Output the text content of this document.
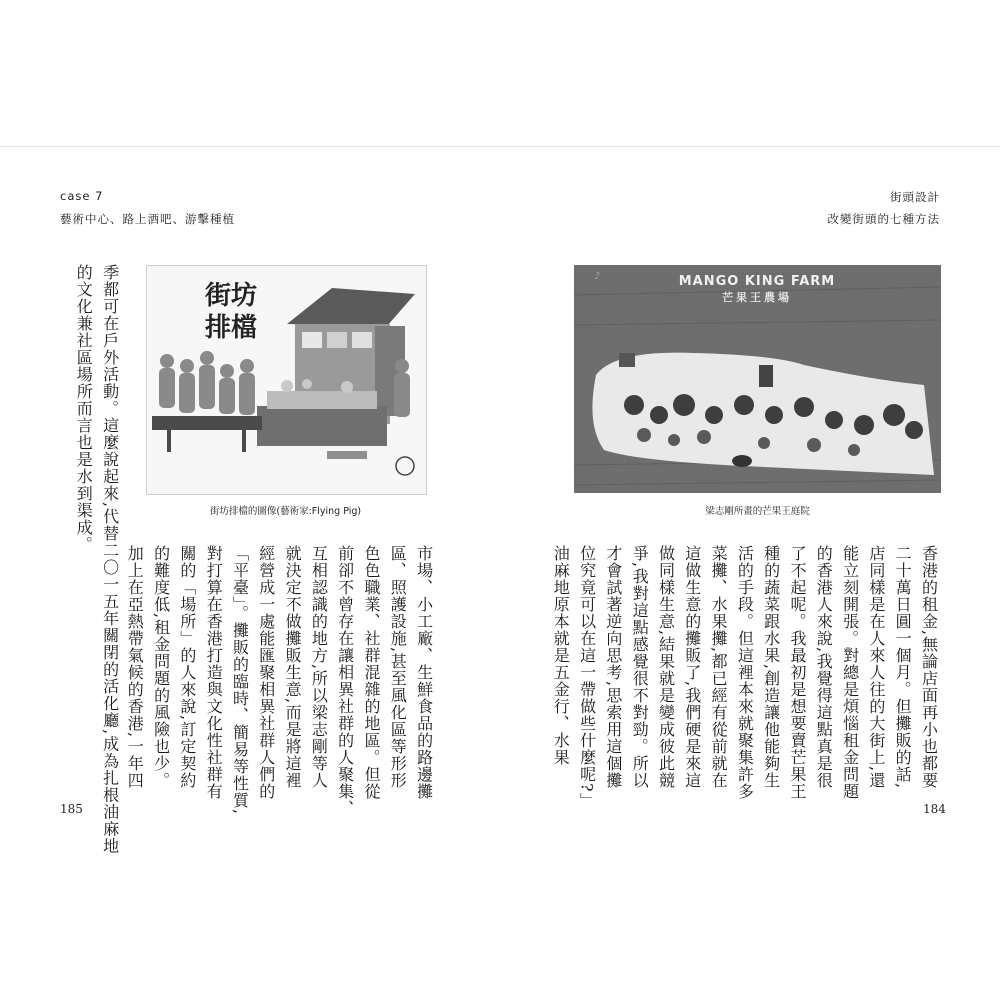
case 7
藝術中心、路上酒吧、游擊種植
季都可在戶外活動。這麼說起來,代替二〇一五年關閉的活化廳,成為扎根油麻地
的文化兼社區場所而言也是水到渠成。	街坊
排檔
街坊排檔的圖像(藝術家:Flying Pig)
市場、小工廠、生鮮食品的路邊攤
區、照護設施,甚至風化區等形形
色色職業、社群混雜的地區。但從
前卻不曾存在讓相異社群的人聚集、
互相認識的地方,所以梁志剛等人
就決定不做攤販生意,而是將這裡
經營成一處能匯聚相異社群人們的
「平臺」。攤販的臨時、簡易等性質,
對打算在香港打造與文化性社群有
關的「場所」的人來說,訂定契約
的難度低,租金問題的風險也少。
加上在亞熱帶氣候的香港,一年四
185
街頭設計
改變街頭的七種方法
MANGO KING FARM
芒果王農場
♪
梁志剛所畫的芒果王庭院
香港的租金,無論店面再小也都要
二十萬日圓一個月。但攤販的話,
店同樣是在人來人往的大街上,還
能立刻開張。對總是煩惱租金問題
的香港人來說,我覺得這點真是很
了不起呢。我最初是想要賣芒果王
種的蔬菜跟水果,創造讓他能夠生
活的手段。但這裡本來就聚集許多
菜攤、水果攤,都已經有從前就在
這做生意的攤販了,我們硬是來這
做同樣生意,結果就是變成彼此競
爭,我對這點感覺很不對勁。所以
才會試著逆向思考,思索用這個攤
位究竟可以在這一帶做些什麼呢?」
油麻地原本就是五金行、水果
184
